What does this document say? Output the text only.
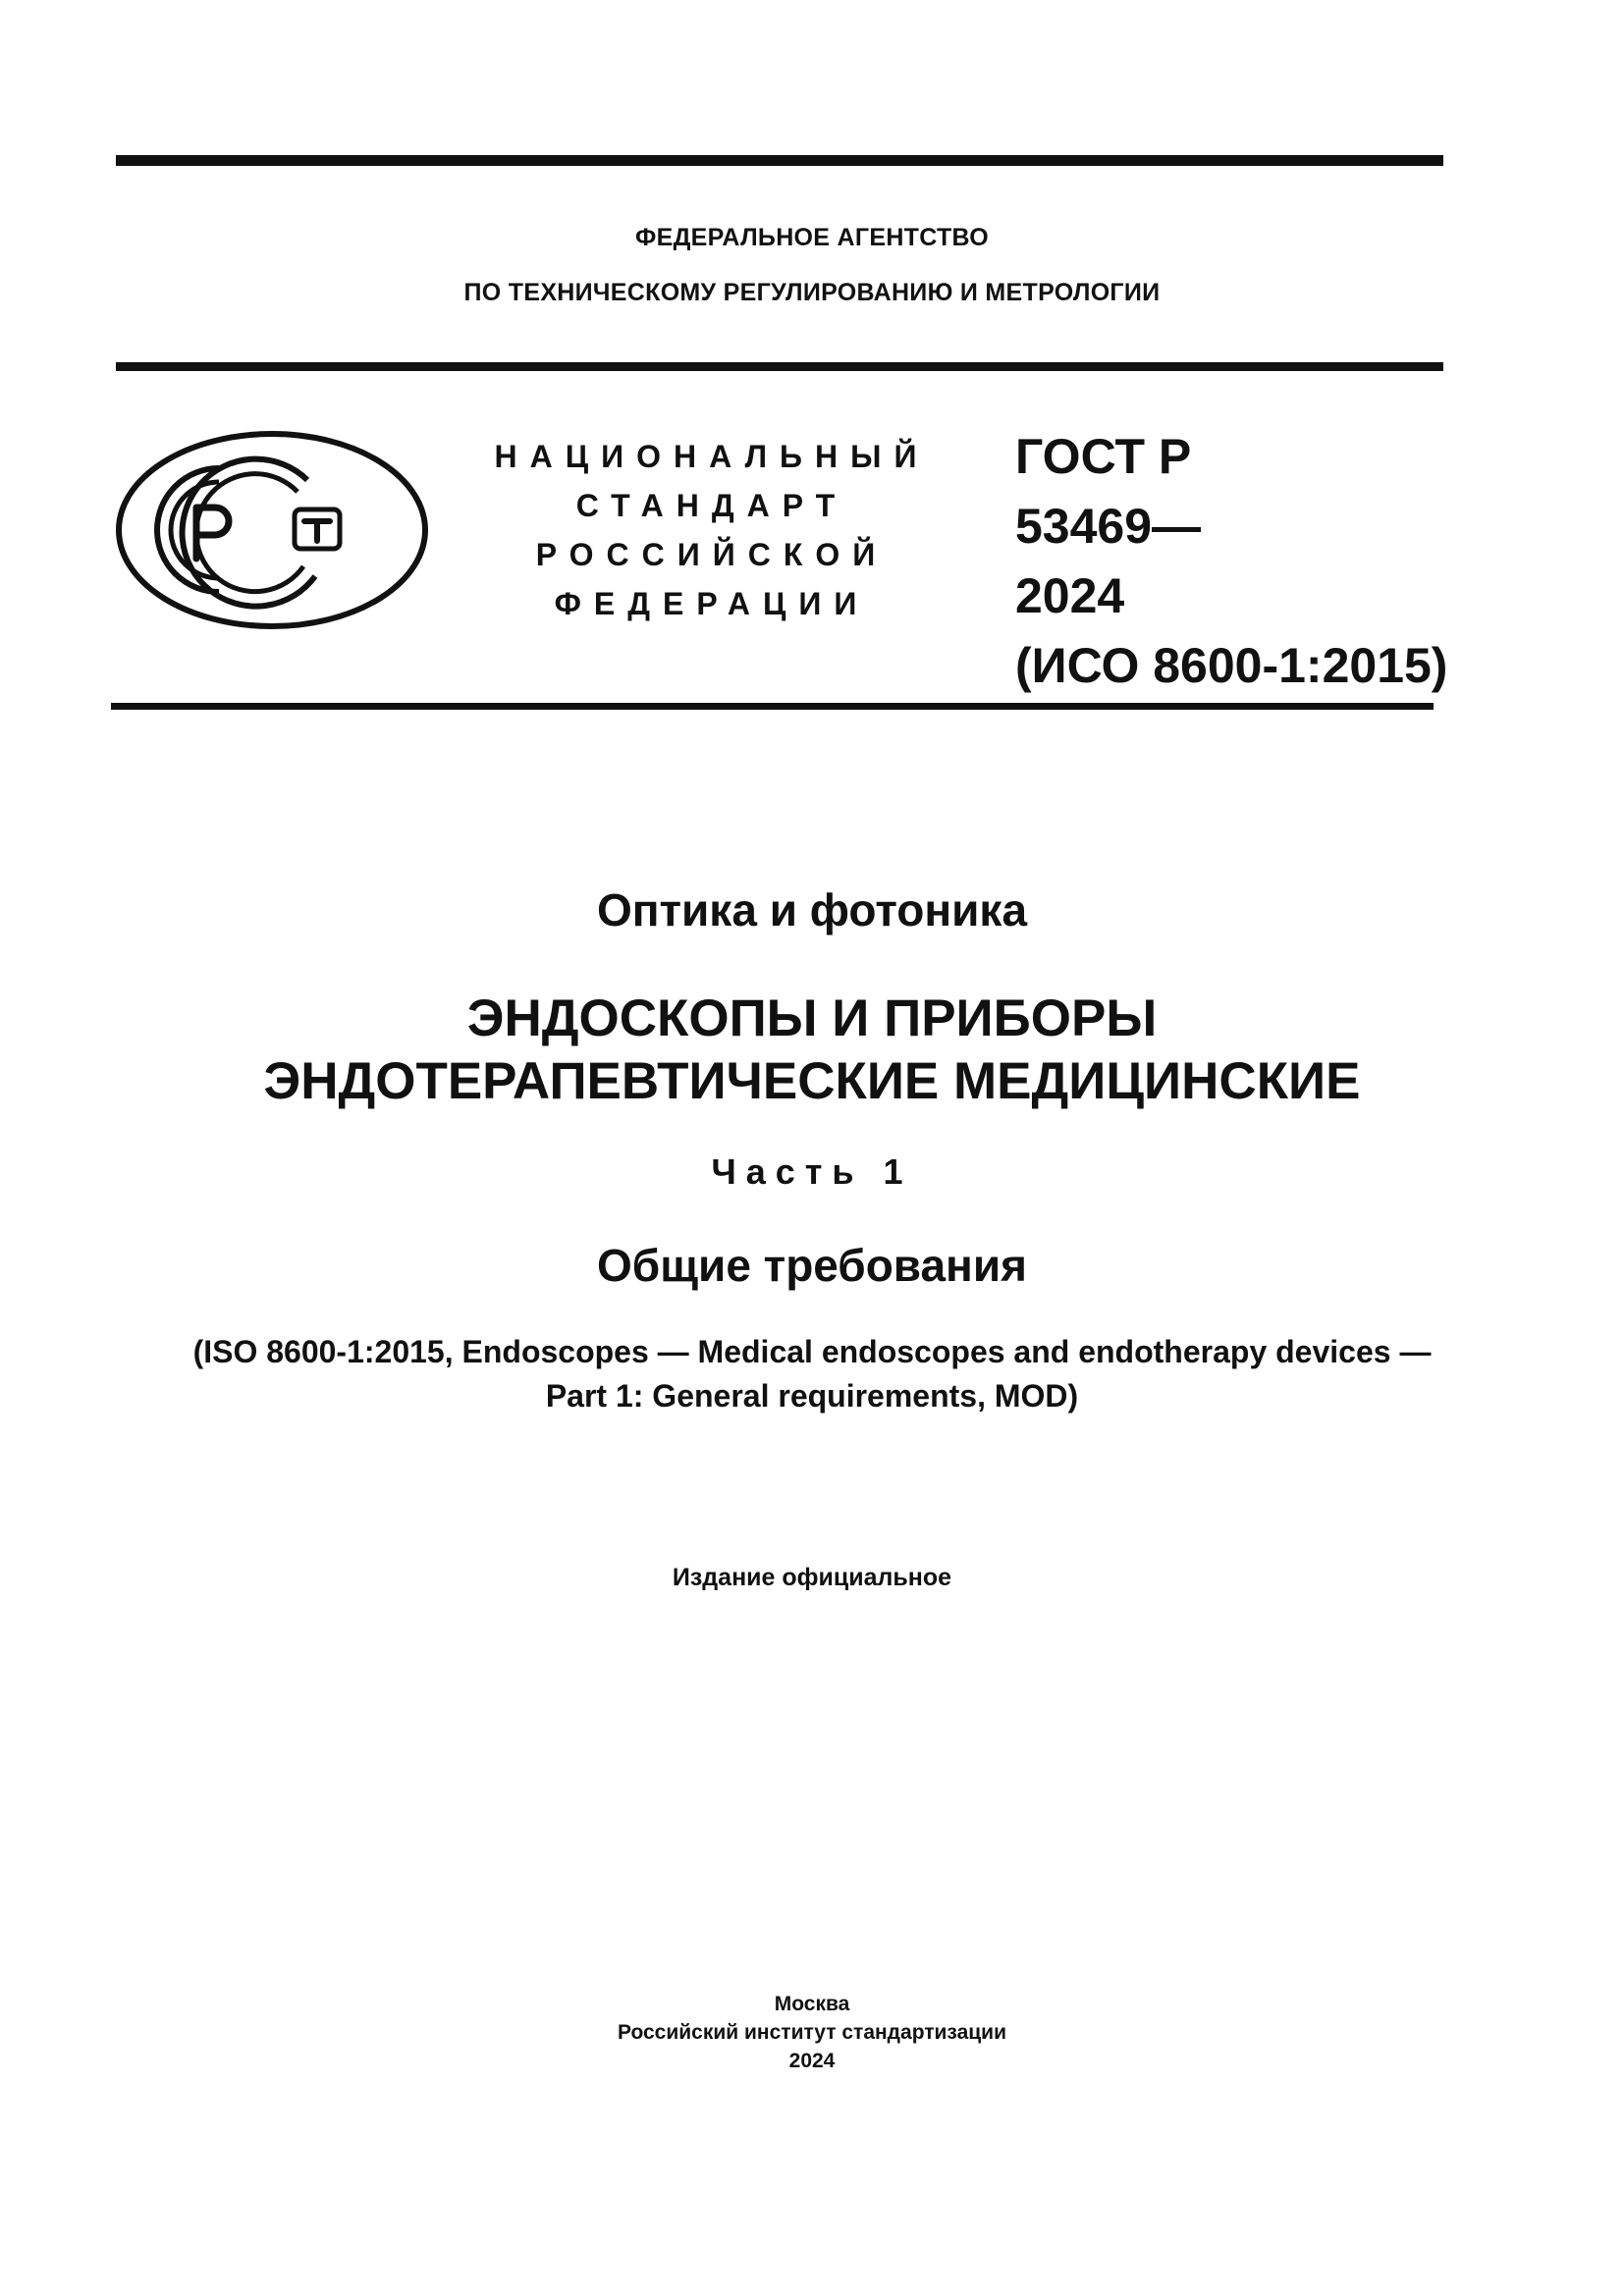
ФЕДЕРАЛЬНОЕ АГЕНТСТВО
ПО ТЕХНИЧЕСКОМУ РЕГУЛИРОВАНИЮ И МЕТРОЛОГИИ
НАЦИОНАЛЬНЫЙ
СТАНДАРТ
РОССИЙСКОЙ
ФЕДЕРАЦИИ
ГОСТ Р
53469—
2024
(ИСО 8600-1:2015)
Оптика и фотоника
ЭНДОСКОПЫ И ПРИБОРЫ
ЭНДОТЕРАПЕВТИЧЕСКИЕ МЕДИЦИНСКИЕ
Часть 1
Общие требования
(ISO 8600-1:2015, Endoscopes — Medical endoscopes and endotherapy devices —
Part 1: General requirements, MOD)
Издание официальное
Москва
Российский институт стандартизации
2024
